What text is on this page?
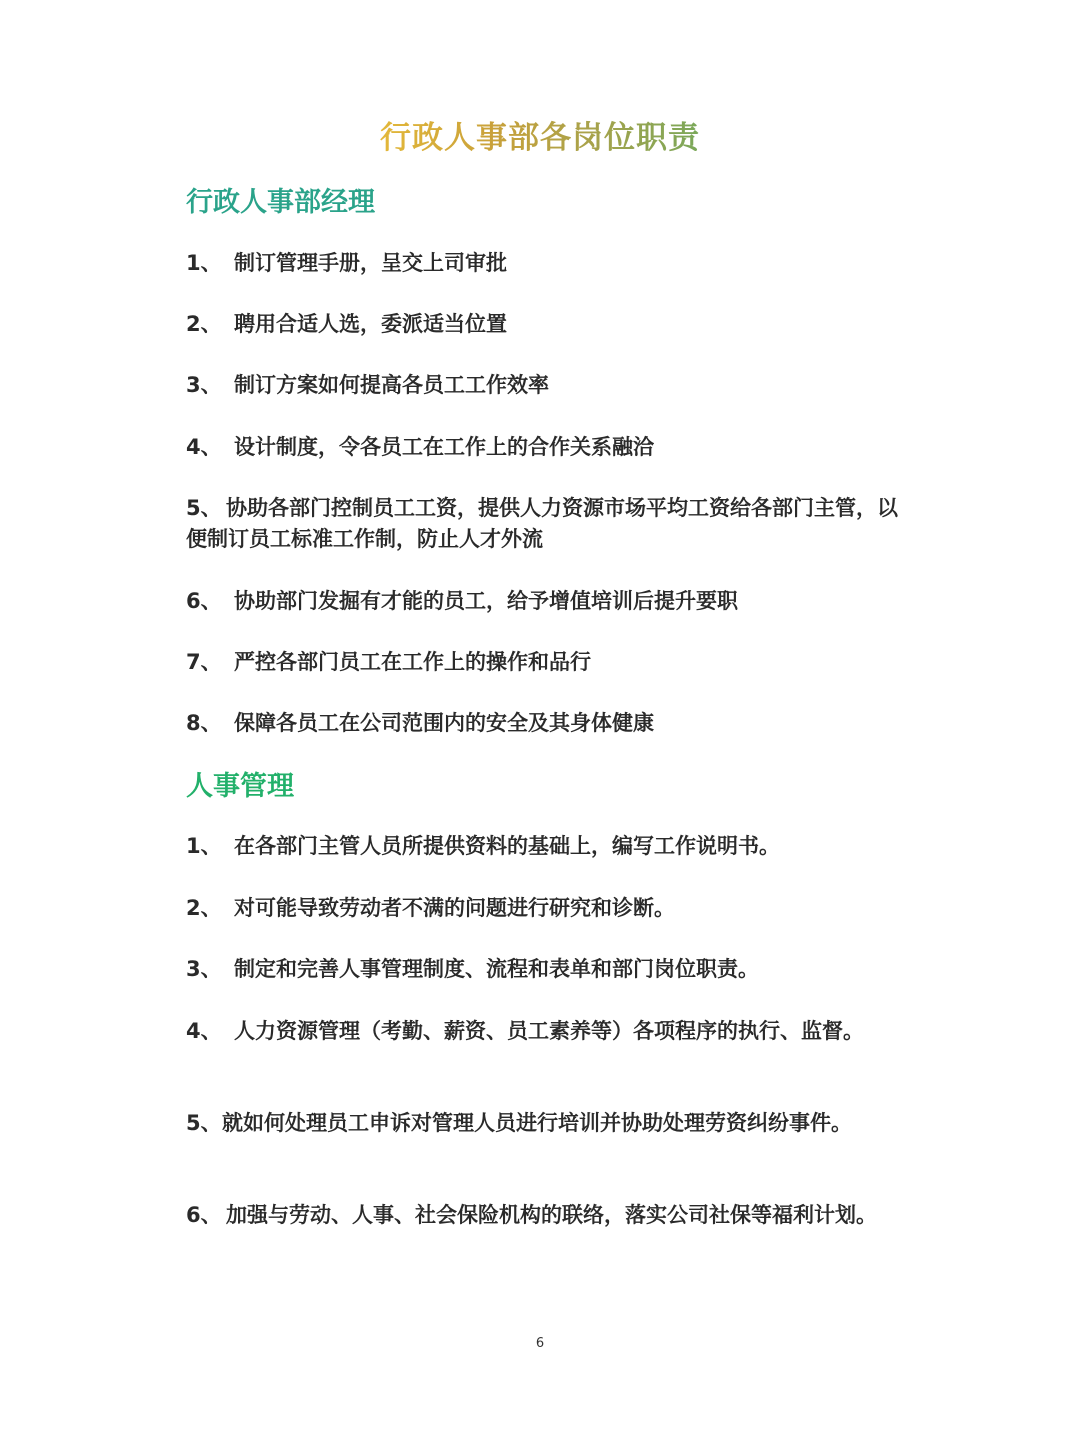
行政人事部各岗位职责
行政人事部经理

1、 制订管理手册，呈交上司审批

2、 聘用合适人选，委派适当位置

3、 制订方案如何提高各员工工作效率

4、 设计制度，令各员工在工作上的合作关系融洽

5、 协助各部门控制员工工资，提供人力资源市场平均工资给各部门主管，以便制订员工标准工作制，防止人才外流

6、 协助部门发掘有才能的员工，给予增值培训后提升要职

7、 严控各部门员工在工作上的操作和品行

8、 保障各员工在公司范围内的安全及其身体健康

人事管理

1、 在各部门主管人员所提供资料的基础上，编写工作说明书。

2、 对可能导致劳动者不满的问题进行研究和诊断。

3、 制定和完善人事管理制度、流程和表单和部门岗位职责。

4、 人力资源管理（考勤、薪资、员工素养等）各项程序的执行、监督。

5、就如何处理员工申诉对管理人员进行培训并协助处理劳资纠纷事件。

6、 加强与劳动、人事、社会保险机构的联络，落实公司社保等福利计划。

6
